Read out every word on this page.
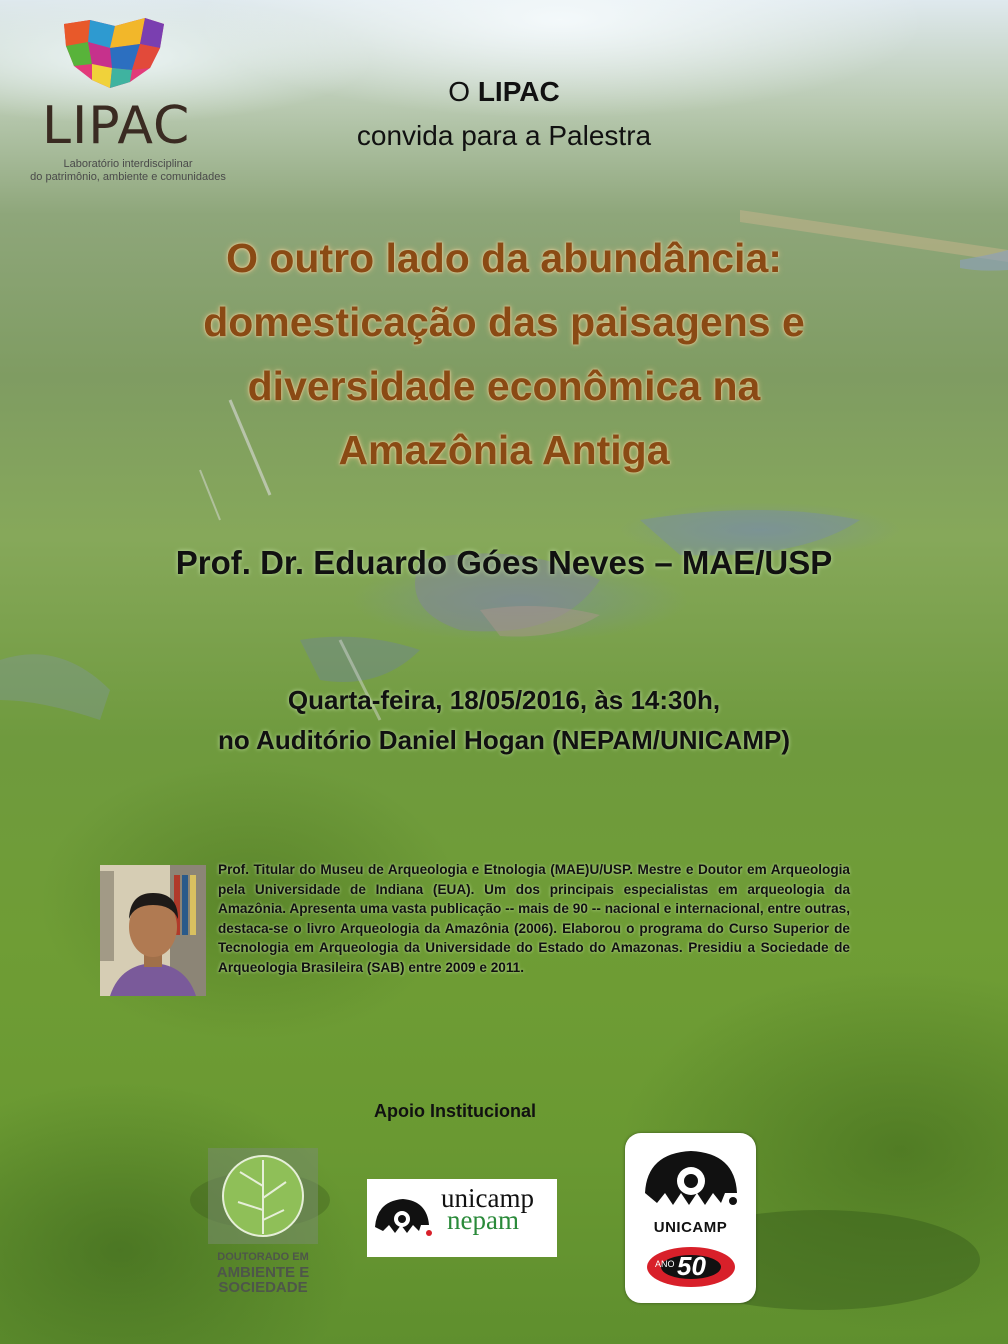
LIPAC
Laboratório interdisciplinar
do patrimônio, ambiente e comunidades
O LIPAC
convida para a Palestra
O outro lado da abundância:
domesticação das paisagens e
diversidade econômica na
Amazônia Antiga
Prof. Dr. Eduardo Góes Neves – MAE/USP
Quarta-feira, 18/05/2016, às 14:30h,
no Auditório Daniel Hogan (NEPAM/UNICAMP)
Prof. Titular do Museu de Arqueologia e Etnologia (MAE)U/USP. Mestre e Doutor em Arqueologia pela Universidade de Indiana (EUA). Um dos principais especialistas em arqueologia da Amazônia. Apresenta uma vasta publicação -- mais de 90 -- nacional e internacional, entre outras, destaca-se o livro Arqueologia da Amazônia (2006). Elaborou o programa do Curso Superior de Tecnologia em Arqueologia da Universidade do Estado do Amazonas. Presidiu a Sociedade de Arqueologia Brasileira (SAB) entre 2009 e 2011.
Apoio Institucional
DOUTORADO EM
AMBIENTE E
SOCIEDADE
unicamp
nepam	UNICAMP
ANO 50
